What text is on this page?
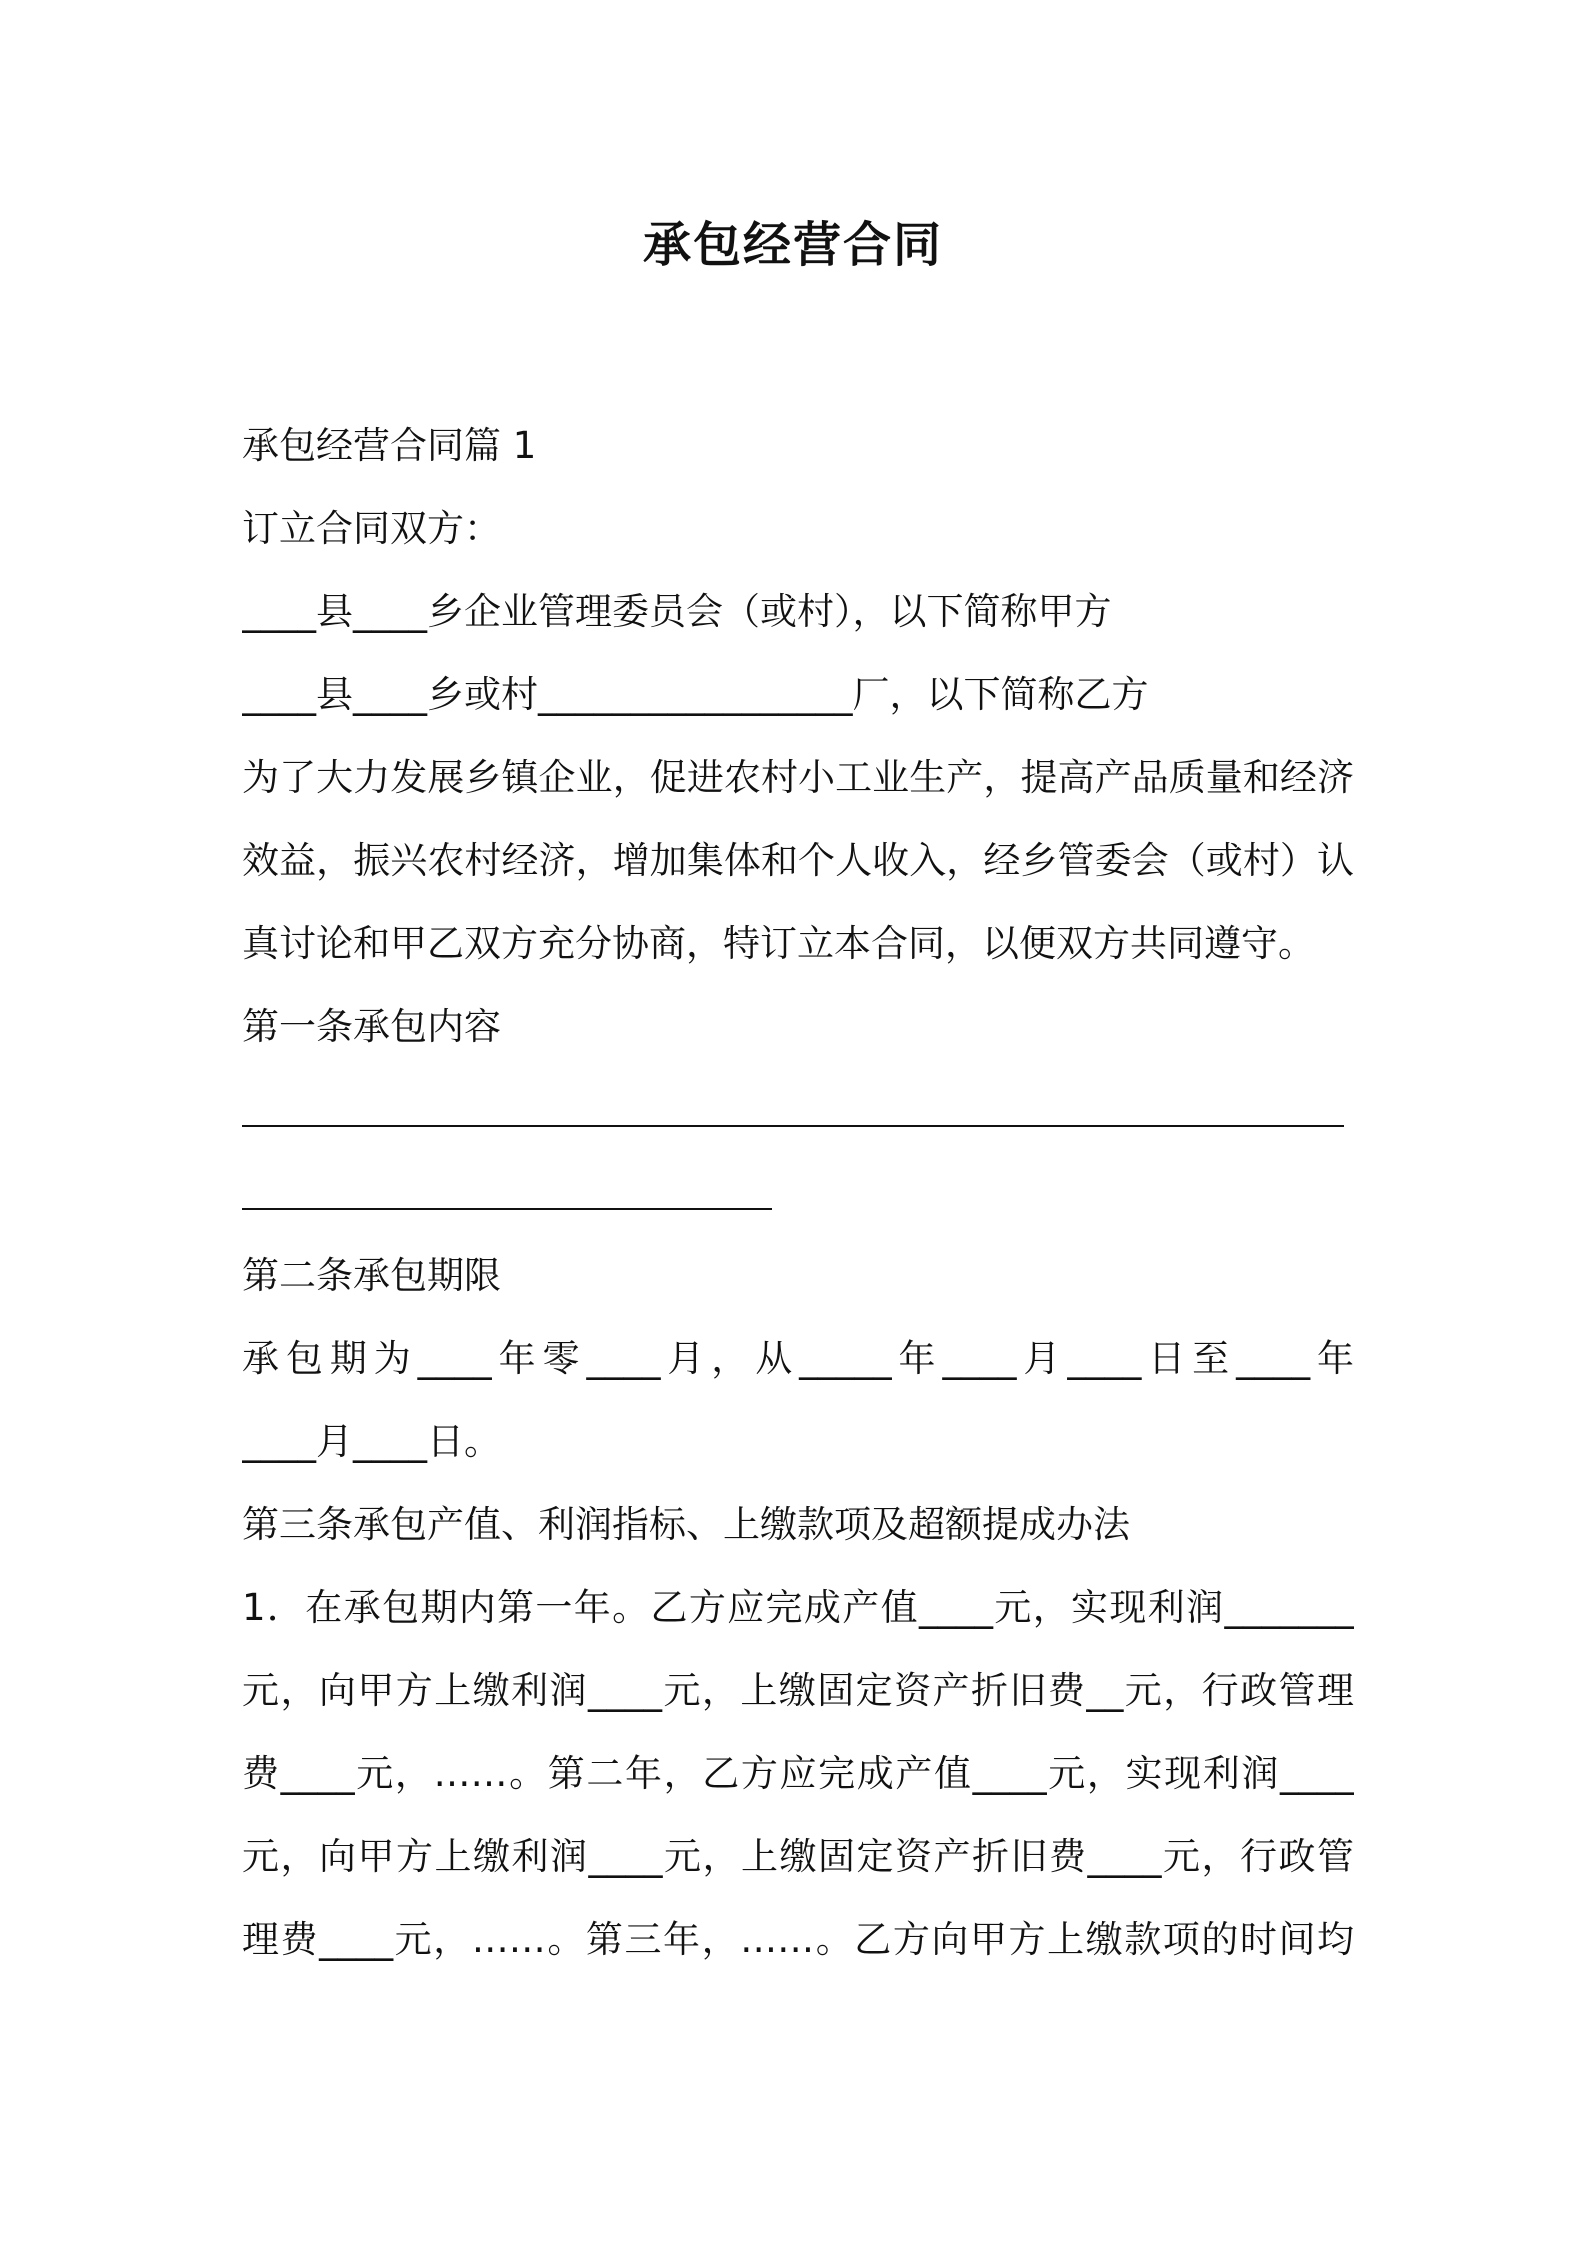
承包经营合同

承包经营合同篇 1

订立合同双方：

____县____乡企业管理委员会（或村），以下简称甲方

____县____乡或村_________________厂，以下简称乙方

为了大力发展乡镇企业，促进农村小工业生产，提高产品质量和经济

效益，振兴农村经济，增加集体和个人收入，经乡管委会（或村）认

真讨论和甲乙双方充分协商，特订立本合同，以便双方共同遵守。

第一条承包内容

第二条承包期限

承包期为____年零____月，从_____年____月____日至____年

____月____日。

第三条承包产值、利润指标、上缴款项及超额提成办法

1．在承包期内第一年。乙方应完成产值____元，实现利润_______

元，向甲方上缴利润____元，上缴固定资产折旧费__元，行政管理

费____元，……。第二年，乙方应完成产值____元，实现利润____

元，向甲方上缴利润____元，上缴固定资产折旧费____元，行政管

理费____元，……。第三年，……。乙方向甲方上缴款项的时间均
